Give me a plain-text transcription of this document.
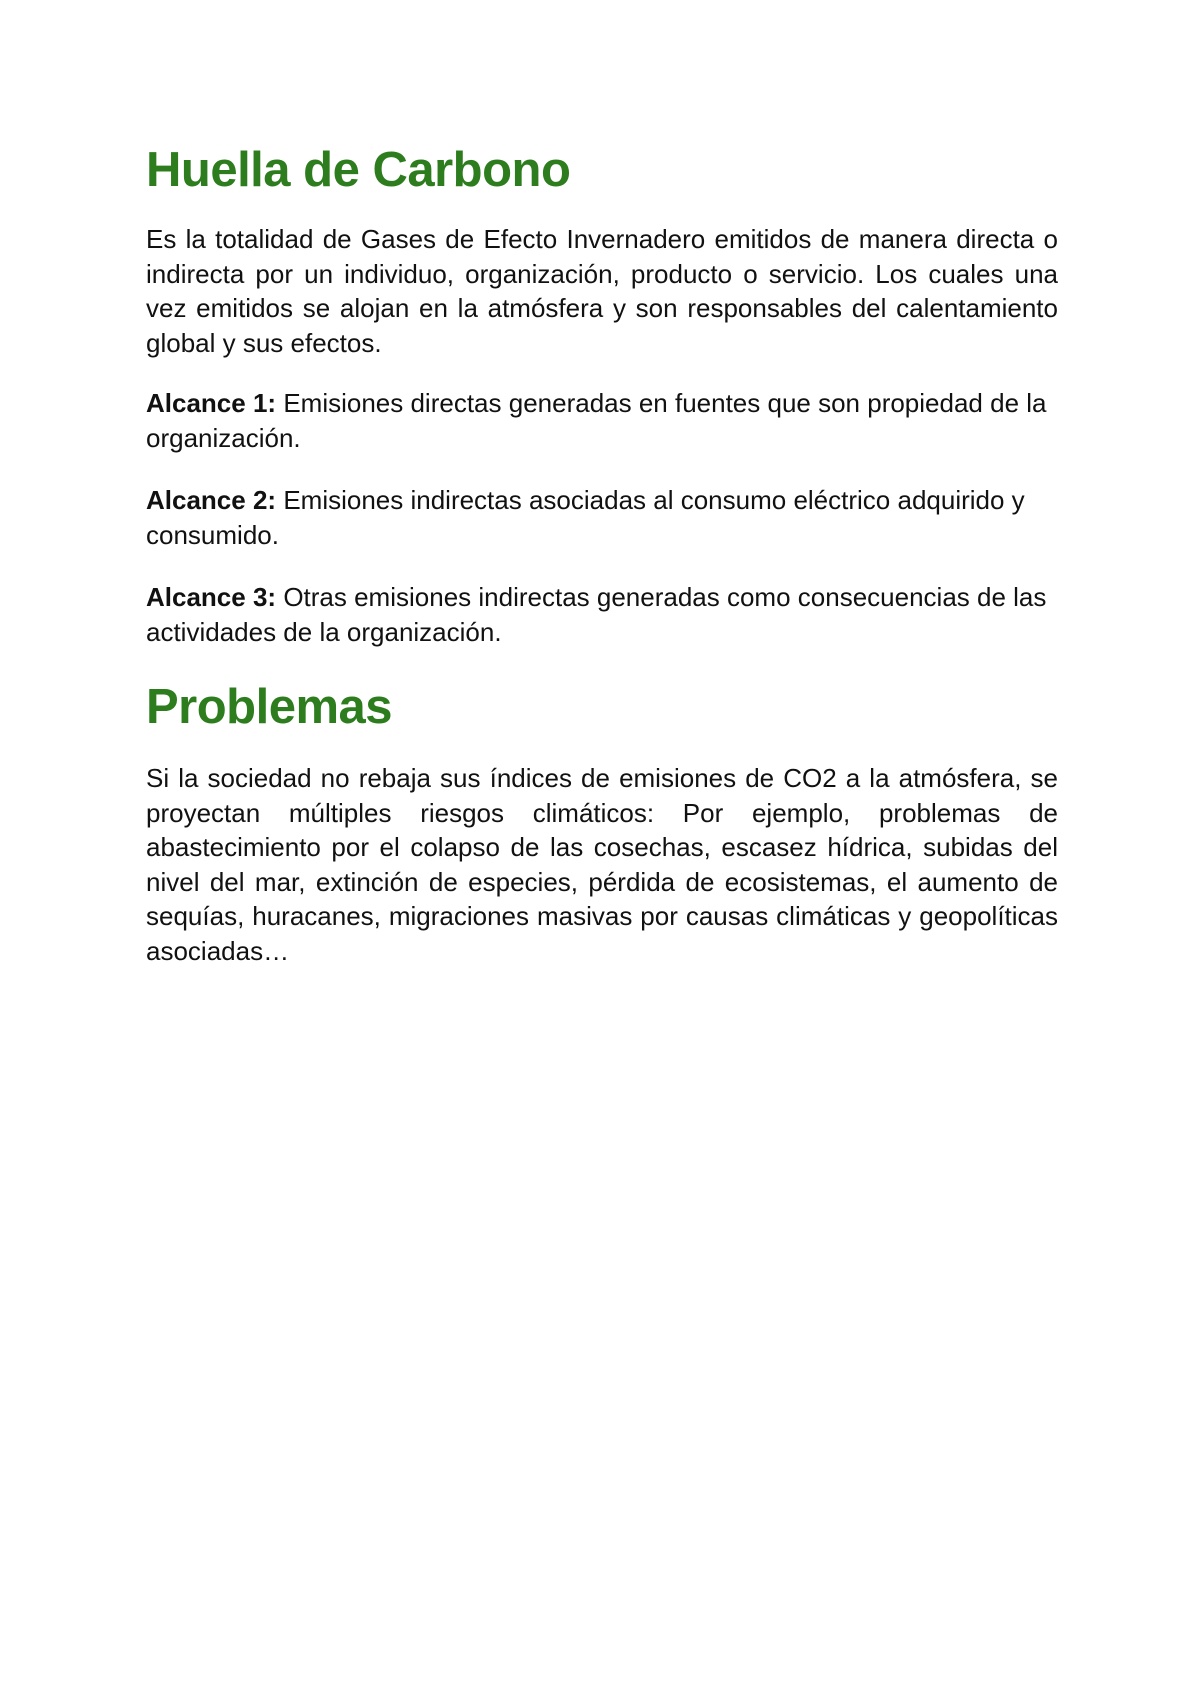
Huella de Carbono

Es la totalidad de Gases de Efecto Invernadero emitidos de manera directa o indirecta por un individuo, organización, producto o servicio. Los cuales una vez emitidos se alojan en la atmósfera y son responsables del calentamiento global y sus efectos.

Alcance 1: Emisiones directas generadas en fuentes que son propiedad de la organización.

Alcance 2: Emisiones indirectas asociadas al consumo eléctrico adquirido y consumido.

Alcance 3: Otras emisiones indirectas generadas como consecuencias de las actividades de la organización.

Problemas

Si la sociedad no rebaja sus índices de emisiones de CO2 a la atmósfera, se proyectan múltiples riesgos climáticos: Por ejemplo, problemas de abastecimiento por el colapso de las cosechas, escasez hídrica, subidas del nivel del mar, extinción de especies, pérdida de ecosistemas, el aumento de sequías, huracanes, migraciones masivas por causas climáticas y geopolíticas asociadas…
